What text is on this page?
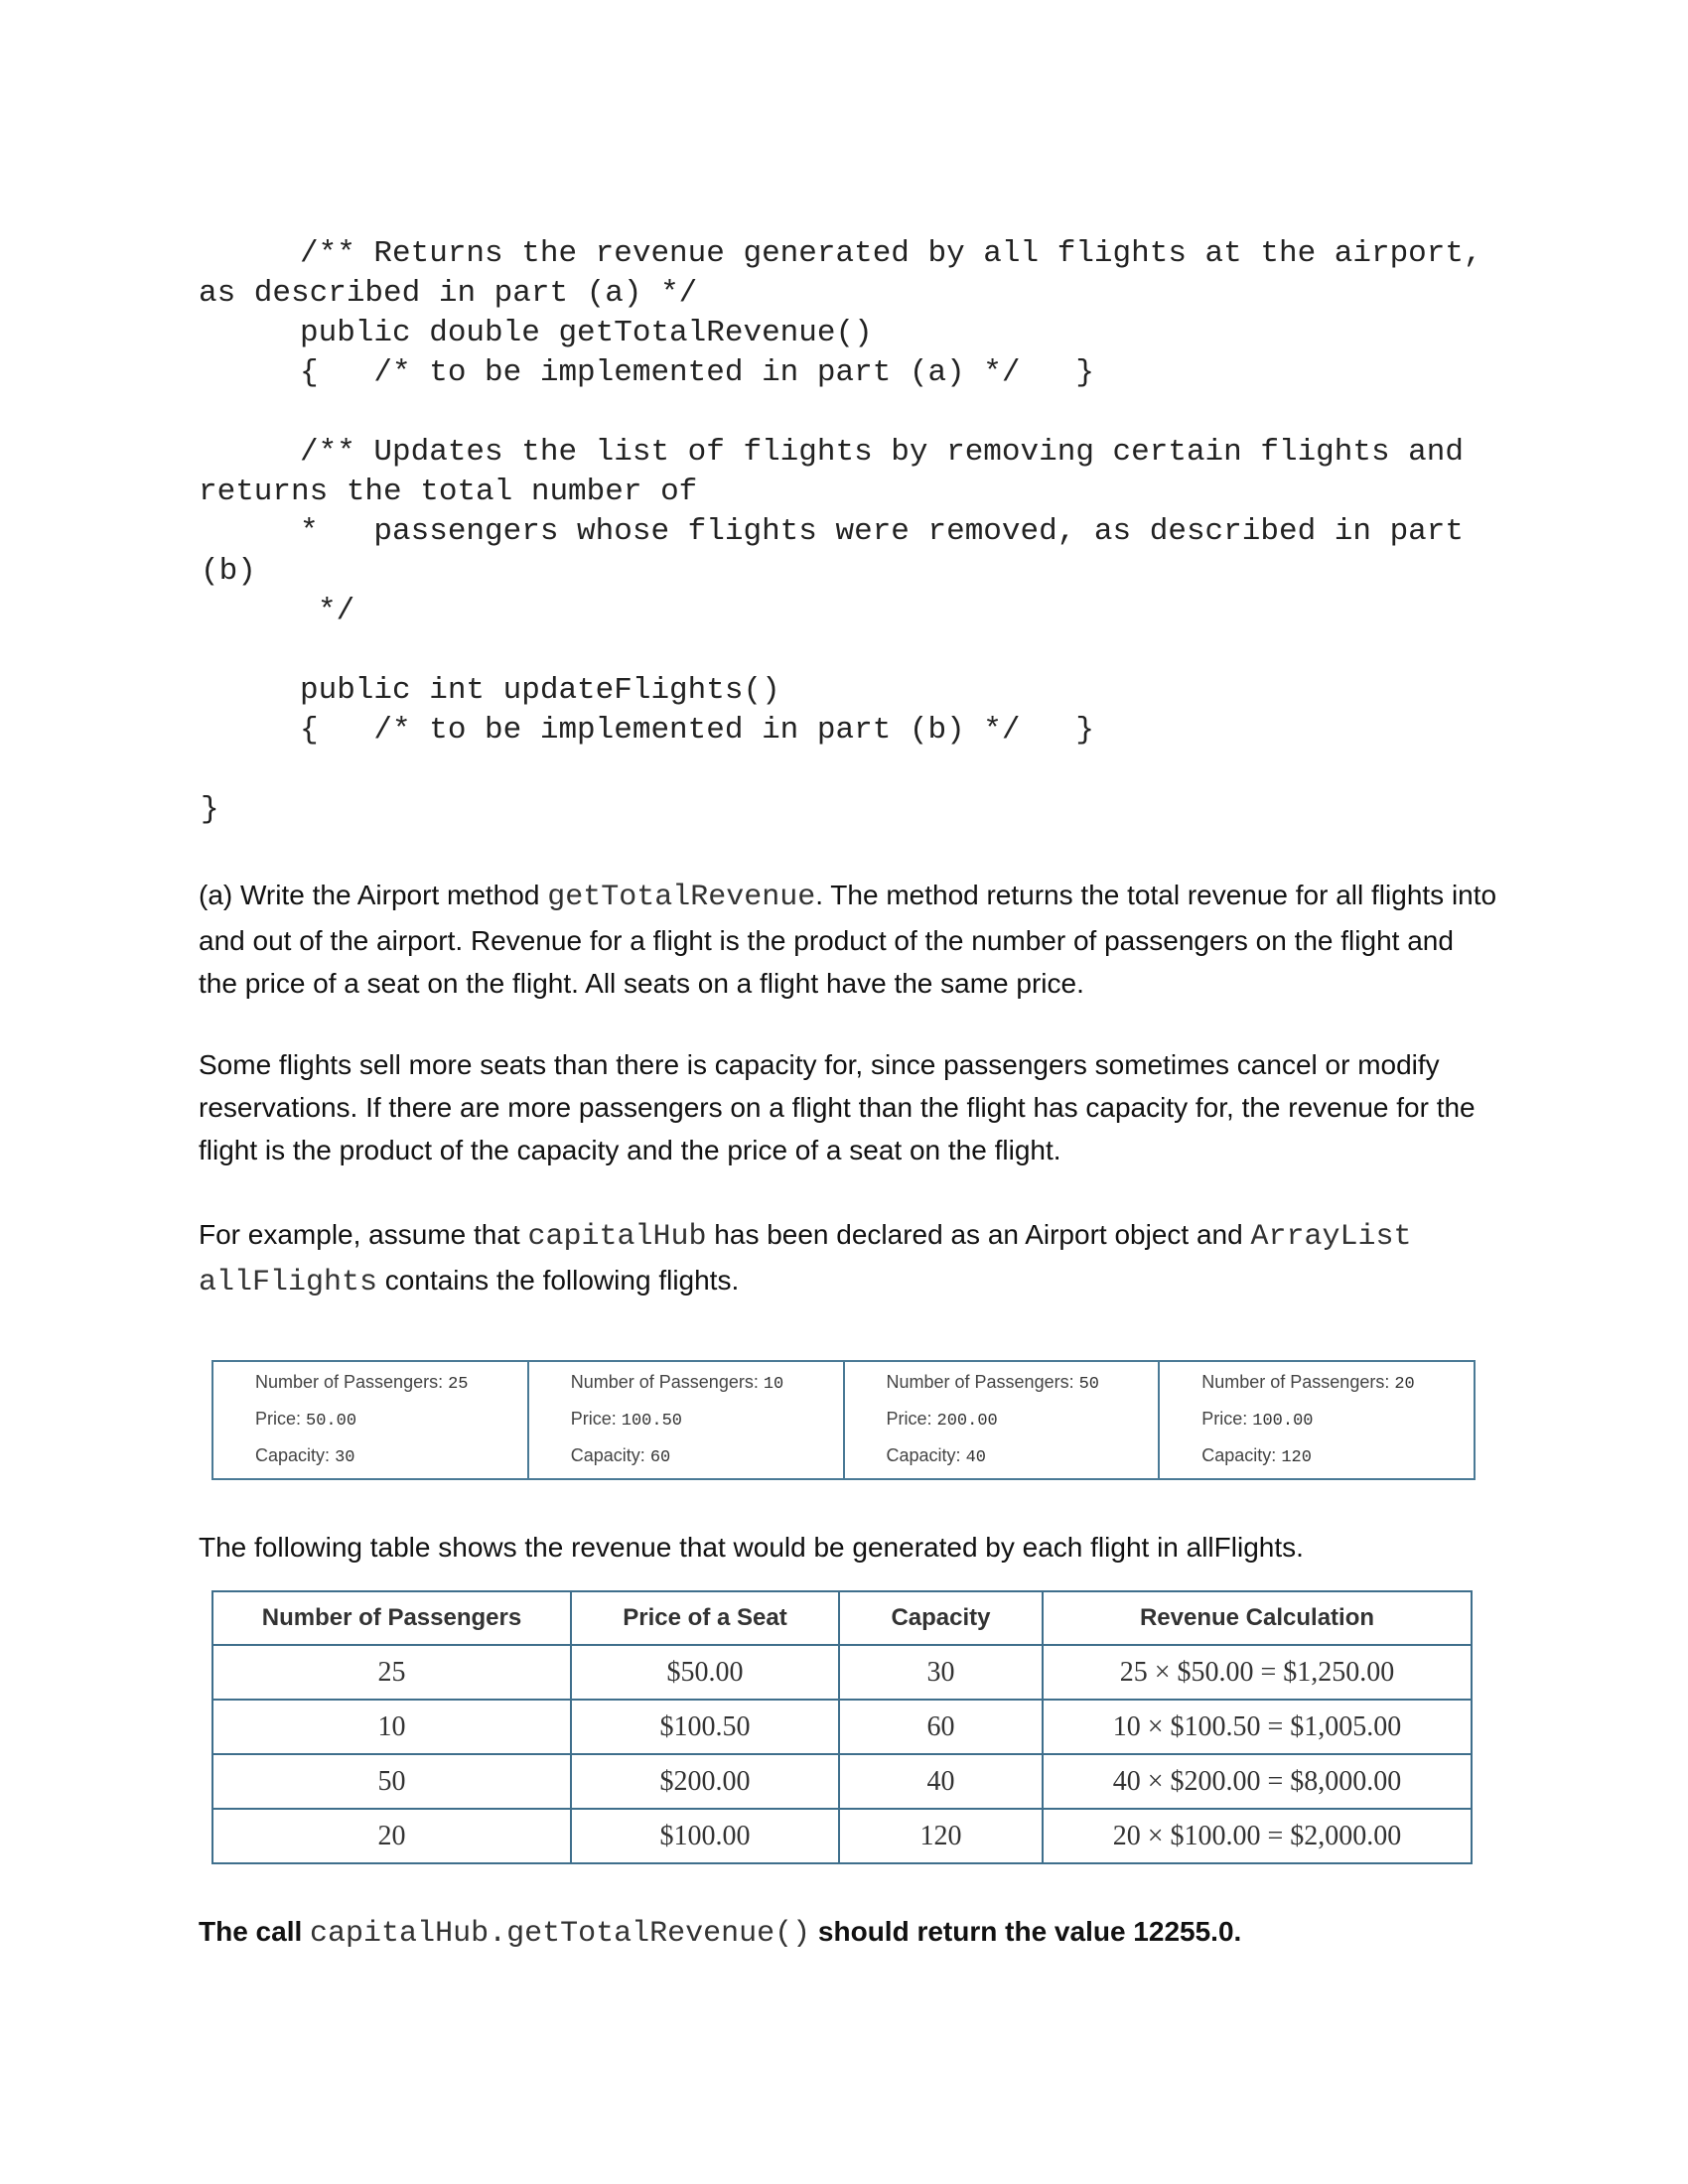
/** Returns the revenue generated by all flights at the airport,
as described in part (a) */
public double getTotalRevenue()
{   /* to be implemented in part (a) */   }
/** Updates the list of flights by removing certain flights and
returns the total number of
*   passengers whose flights were removed, as described in part
(b)
*/
public int updateFlights()
{   /* to be implemented in part (b) */   }
}

(a) Write the Airport method getTotalRevenue. The method returns the total revenue for all flights into and out of the airport. Revenue for a flight is the product of the number of passengers on the flight and the price of a seat on the flight. All seats on a flight have the same price.

Some flights sell more seats than there is capacity for, since passengers sometimes cancel or modify reservations. If there are more passengers on a flight than the flight has capacity for, the revenue for the flight is the product of the capacity and the price of a seat on the flight.

For example, assume that capitalHub has been declared as an Airport object and ArrayList allFlights contains the following flights.

Number of Passengers: 25
Price: 50.00
Capacity: 30

Number of Passengers: 10
Price: 100.50
Capacity: 60

Number of Passengers: 50
Price: 200.00
Capacity: 40

Number of Passengers: 20
Price: 100.00
Capacity: 120

The following table shows the revenue that would be generated by each flight in allFlights.

Number of Passengers	Price of a Seat	Capacity	Revenue Calculation
25	$50.00	30	25 × $50.00 = $1,250.00
10	$100.50	60	10 × $100.50 = $1,005.00
50	$200.00	40	40 × $200.00 = $8,000.00
20	$100.00	120	20 × $100.00 = $2,000.00
The call capitalHub.getTotalRevenue() should return the value 12255.0.
